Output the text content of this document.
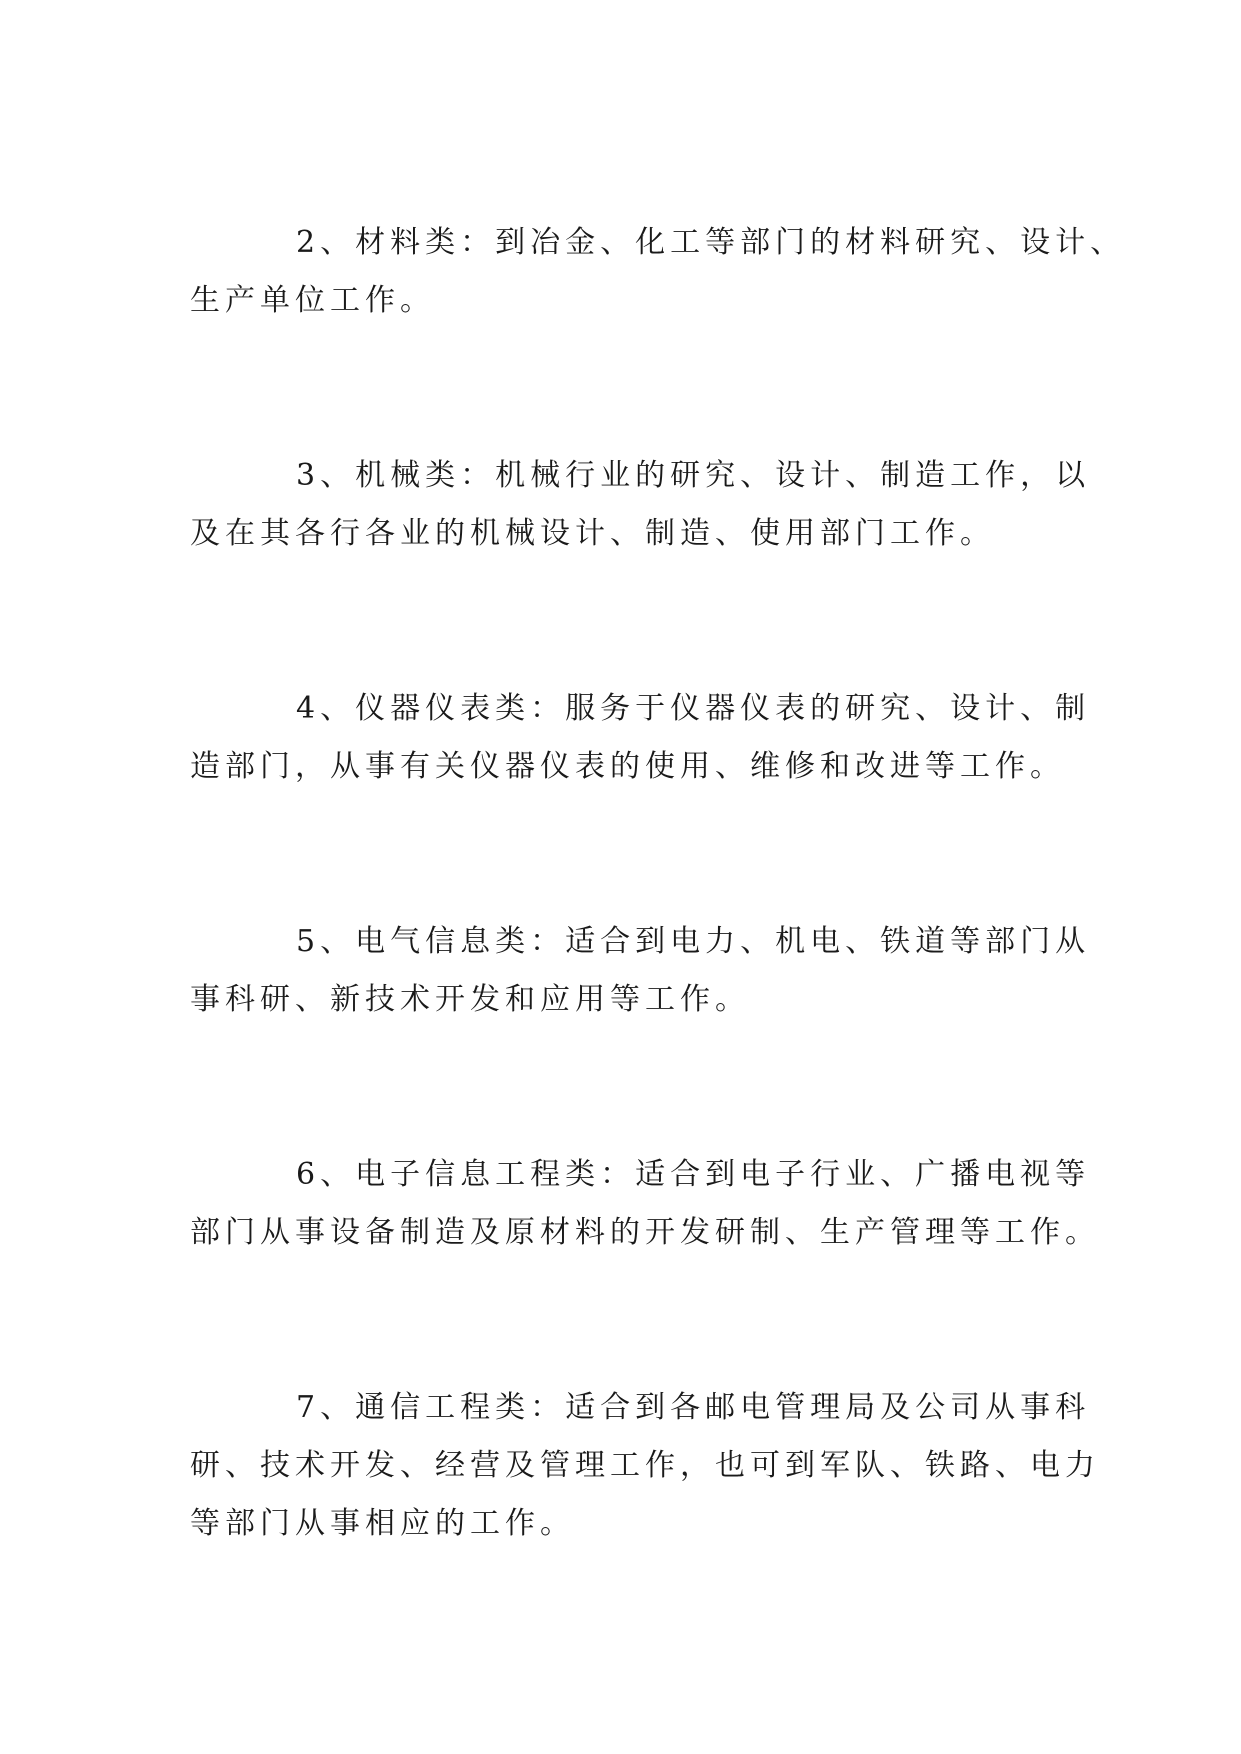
2、材料类：到冶金、化工等部门的材料研究、设计、
生产单位工作。
3、机械类：机械行业的研究、设计、制造工作，以
及在其各行各业的机械设计、制造、使用部门工作。
4、仪器仪表类：服务于仪器仪表的研究、设计、制
造部门，从事有关仪器仪表的使用、维修和改进等工作。
5、电气信息类：适合到电力、机电、铁道等部门从
事科研、新技术开发和应用等工作。
6、电子信息工程类：适合到电子行业、广播电视等
部门从事设备制造及原材料的开发研制、生产管理等工作。
7、通信工程类：适合到各邮电管理局及公司从事科
研、技术开发、经营及管理工作，也可到军队、铁路、电力
等部门从事相应的工作。
